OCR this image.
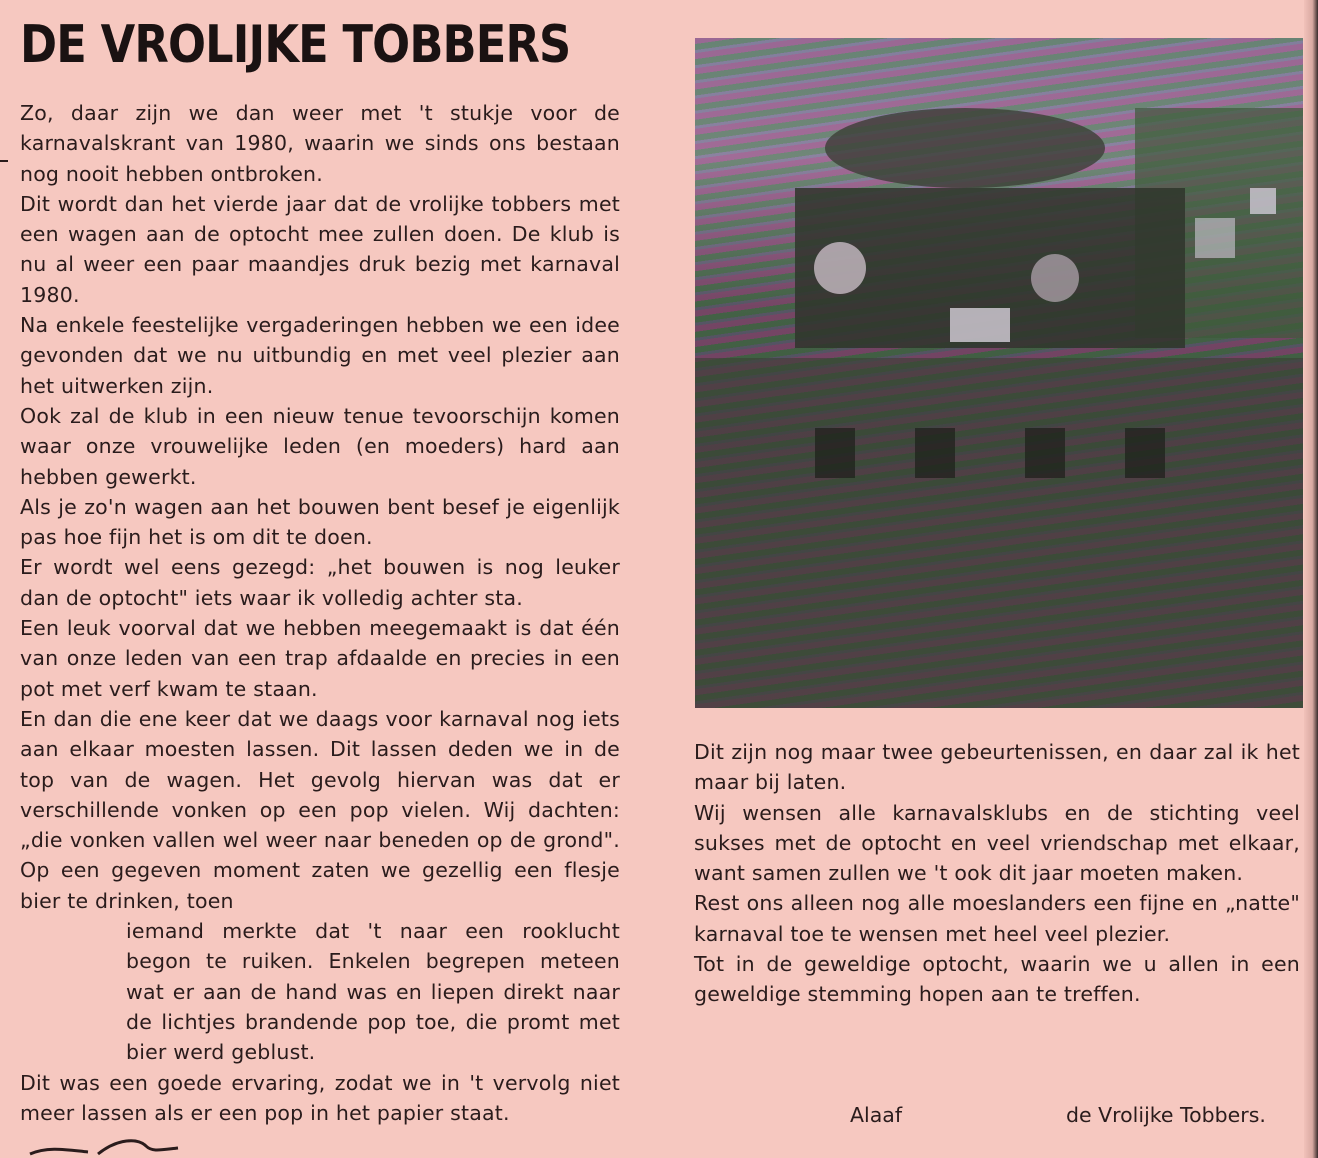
DE VROLIJKE TOBBERS

Zo, daar zijn we dan weer met 't stukje voor de karnavalskrant van 1980, waarin we sinds ons bestaan nog nooit hebben ontbroken.

Dit wordt dan het vierde jaar dat de vrolijke tobbers met een wagen aan de optocht mee zullen doen. De klub is nu al weer een paar maandjes druk bezig met karnaval 1980.

Na enkele feestelijke vergaderingen hebben we een idee gevonden dat we nu uitbundig en met veel plezier aan het uitwerken zijn.

Ook zal de klub in een nieuw tenue tevoorschijn komen waar onze vrouwelijke leden (en moeders) hard aan hebben gewerkt.

Als je zo'n wagen aan het bouwen bent besef je eigenlijk pas hoe fijn het is om dit te doen.

Er wordt wel eens gezegd: „het bouwen is nog leuker dan de optocht" iets waar ik volledig achter sta.

Een leuk voorval dat we hebben meegemaakt is dat één van onze leden van een trap afdaalde en precies in een pot met verf kwam te staan.

En dan die ene keer dat we daags voor karnaval nog iets aan elkaar moesten lassen. Dit lassen deden we in de top van de wagen. Het gevolg hiervan was dat er verschillende vonken op een pop vielen. Wij dachten: „die vonken vallen wel weer naar beneden op de grond". Op een gegeven moment zaten we gezellig een flesje bier te drinken, toen

iemand merkte dat 't naar een rooklucht begon te ruiken. Enkelen begrepen meteen wat er aan de hand was en liepen direkt naar de lichtjes brandende pop toe, die promt met bier werd geblust.

Dit was een goede ervaring, zodat we in 't vervolg niet meer lassen als er een pop in het papier staat.

Dit zijn nog maar twee gebeurtenissen, en daar zal ik het maar bij laten.

Wij wensen alle karnavalsklubs en de stichting veel sukses met de optocht en veel vriendschap met elkaar, want samen zullen we 't ook dit jaar moeten maken.

Rest ons alleen nog alle moeslanders een fijne en „natte" karnaval toe te wensen met heel veel plezier.

Tot in de geweldige optocht, waarin we u allen in een geweldige stemming hopen aan te treffen.

Alaaf	de Vrolijke Tobbers.
